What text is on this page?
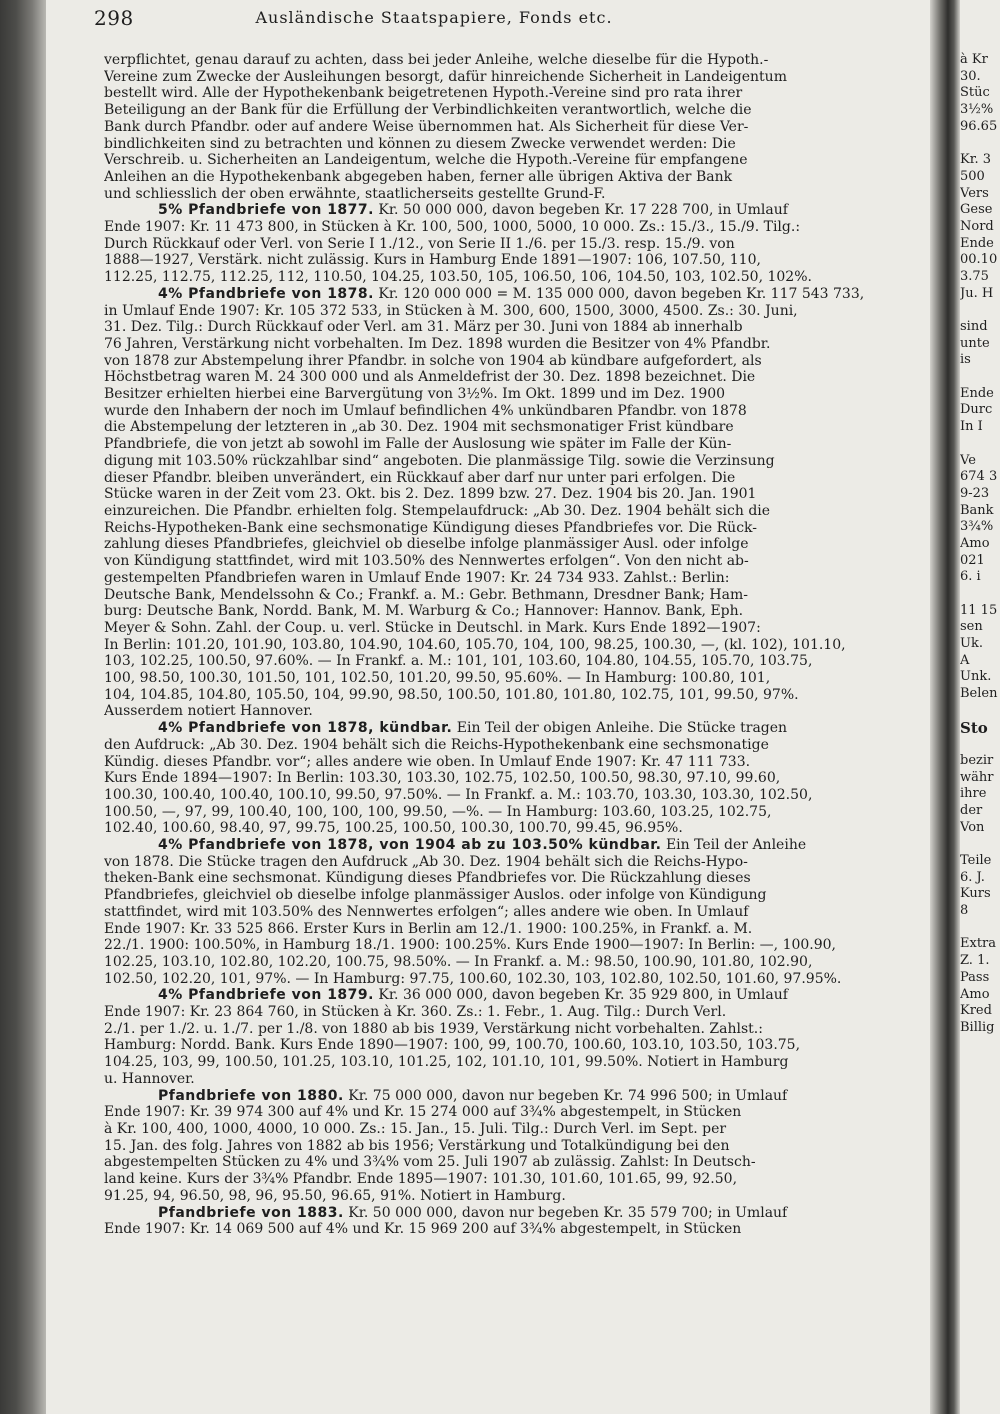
298	Ausländische Staatspapiere, Fonds etc.
verpflichtet, genau darauf zu achten, dass bei jeder Anleihe, welche dieselbe für die Hypoth.-
Vereine zum Zwecke der Ausleihungen besorgt, dafür hinreichende Sicherheit in Landeigentum
bestellt wird. Alle der Hypothekenbank beigetretenen Hypoth.-Vereine sind pro rata ihrer
Beteiligung an der Bank für die Erfüllung der Verbindlichkeiten verantwortlich, welche die
Bank durch Pfandbr. oder auf andere Weise übernommen hat. Als Sicherheit für diese Ver-
bindlichkeiten sind zu betrachten und können zu diesem Zwecke verwendet werden: Die
Verschreib. u. Sicherheiten an Landeigentum, welche die Hypoth.-Vereine für empfangene
Anleihen an die Hypothekenbank abgegeben haben, ferner alle übrigen Aktiva der Bank
und schliesslich der oben erwähnte, staatlicherseits gestellte Grund-F.
5% Pfandbriefe von 1877. Kr. 50 000 000, davon begeben Kr. 17 228 700, in Umlauf
Ende 1907: Kr. 11 473 800, in Stücken à Kr. 100, 500, 1000, 5000, 10 000. Zs.: 15./3., 15./9. Tilg.:
Durch Rückkauf oder Verl. von Serie I 1./12., von Serie II 1./6. per 15./3. resp. 15./9. von
1888—1927, Verstärk. nicht zulässig. Kurs in Hamburg Ende 1891—1907: 106, 107.50, 110,
112.25, 112.75, 112.25, 112, 110.50, 104.25, 103.50, 105, 106.50, 106, 104.50, 103, 102.50, 102%.
4% Pfandbriefe von 1878. Kr. 120 000 000 = M. 135 000 000, davon begeben Kr. 117 543 733,
in Umlauf Ende 1907: Kr. 105 372 533, in Stücken à M. 300, 600, 1500, 3000, 4500. Zs.: 30. Juni,
31. Dez. Tilg.: Durch Rückkauf oder Verl. am 31. März per 30. Juni von 1884 ab innerhalb
76 Jahren, Verstärkung nicht vorbehalten. Im Dez. 1898 wurden die Besitzer von 4% Pfandbr.
von 1878 zur Abstempelung ihrer Pfandbr. in solche von 1904 ab kündbare aufgefordert, als
Höchstbetrag waren M. 24 300 000 und als Anmeldefrist der 30. Dez. 1898 bezeichnet. Die
Besitzer erhielten hierbei eine Barvergütung von 3½%. Im Okt. 1899 und im Dez. 1900
wurde den Inhabern der noch im Umlauf befindlichen 4% unkündbaren Pfandbr. von 1878
die Abstempelung der letzteren in „ab 30. Dez. 1904 mit sechsmonatiger Frist kündbare
Pfandbriefe, die von jetzt ab sowohl im Falle der Auslosung wie später im Falle der Kün-
digung mit 103.50% rückzahlbar sind“ angeboten. Die planmässige Tilg. sowie die Verzinsung
dieser Pfandbr. bleiben unverändert, ein Rückkauf aber darf nur unter pari erfolgen. Die
Stücke waren in der Zeit vom 23. Okt. bis 2. Dez. 1899 bzw. 27. Dez. 1904 bis 20. Jan. 1901
einzureichen. Die Pfandbr. erhielten folg. Stempelaufdruck: „Ab 30. Dez. 1904 behält sich die
Reichs-Hypotheken-Bank eine sechsmonatige Kündigung dieses Pfandbriefes vor. Die Rück-
zahlung dieses Pfandbriefes, gleichviel ob dieselbe infolge planmässiger Ausl. oder infolge
von Kündigung stattfindet, wird mit 103.50% des Nennwertes erfolgen“. Von den nicht ab-
gestempelten Pfandbriefen waren in Umlauf Ende 1907: Kr. 24 734 933. Zahlst.: Berlin:
Deutsche Bank, Mendelssohn & Co.; Frankf. a. M.: Gebr. Bethmann, Dresdner Bank; Ham-
burg: Deutsche Bank, Nordd. Bank, M. M. Warburg & Co.; Hannover: Hannov. Bank, Eph.
Meyer & Sohn. Zahl. der Coup. u. verl. Stücke in Deutschl. in Mark. Kurs Ende 1892—1907:
In Berlin: 101.20, 101.90, 103.80, 104.90, 104.60, 105.70, 104, 100, 98.25, 100.30, —, (kl. 102), 101.10,
103, 102.25, 100.50, 97.60%. — In Frankf. a. M.: 101, 101, 103.60, 104.80, 104.55, 105.70, 103.75,
100, 98.50, 100.30, 101.50, 101, 102.50, 101.20, 99.50, 95.60%. — In Hamburg: 100.80, 101,
104, 104.85, 104.80, 105.50, 104, 99.90, 98.50, 100.50, 101.80, 101.80, 102.75, 101, 99.50, 97%.
Ausserdem notiert Hannover.
4% Pfandbriefe von 1878, kündbar. Ein Teil der obigen Anleihe. Die Stücke tragen
den Aufdruck: „Ab 30. Dez. 1904 behält sich die Reichs-Hypothekenbank eine sechsmonatige
Kündig. dieses Pfandbr. vor“; alles andere wie oben. In Umlauf Ende 1907: Kr. 47 111 733.
Kurs Ende 1894—1907: In Berlin: 103.30, 103.30, 102.75, 102.50, 100.50, 98.30, 97.10, 99.60,
100.30, 100.40, 100.40, 100.10, 99.50, 97.50%. — In Frankf. a. M.: 103.70, 103.30, 103.30, 102.50,
100.50, —, 97, 99, 100.40, 100, 100, 100, 99.50, —%. — In Hamburg: 103.60, 103.25, 102.75,
102.40, 100.60, 98.40, 97, 99.75, 100.25, 100.50, 100.30, 100.70, 99.45, 96.95%.
4% Pfandbriefe von 1878, von 1904 ab zu 103.50% kündbar. Ein Teil der Anleihe
von 1878. Die Stücke tragen den Aufdruck „Ab 30. Dez. 1904 behält sich die Reichs-Hypo-
theken-Bank eine sechsmonat. Kündigung dieses Pfandbriefes vor. Die Rückzahlung dieses
Pfandbriefes, gleichviel ob dieselbe infolge planmässiger Auslos. oder infolge von Kündigung
stattfindet, wird mit 103.50% des Nennwertes erfolgen“; alles andere wie oben. In Umlauf
Ende 1907: Kr. 33 525 866. Erster Kurs in Berlin am 12./1. 1900: 100.25%, in Frankf. a. M.
22./1. 1900: 100.50%, in Hamburg 18./1. 1900: 100.25%. Kurs Ende 1900—1907: In Berlin: —, 100.90,
102.25, 103.10, 102.80, 102.20, 100.75, 98.50%. — In Frankf. a. M.: 98.50, 100.90, 101.80, 102.90,
102.50, 102.20, 101, 97%. — In Hamburg: 97.75, 100.60, 102.30, 103, 102.80, 102.50, 101.60, 97.95%.
4% Pfandbriefe von 1879. Kr. 36 000 000, davon begeben Kr. 35 929 800, in Umlauf
Ende 1907: Kr. 23 864 760, in Stücken à Kr. 360. Zs.: 1. Febr., 1. Aug. Tilg.: Durch Verl.
2./1. per 1./2. u. 1./7. per 1./8. von 1880 ab bis 1939, Verstärkung nicht vorbehalten. Zahlst.:
Hamburg: Nordd. Bank. Kurs Ende 1890—1907: 100, 99, 100.70, 100.60, 103.10, 103.50, 103.75,
104.25, 103, 99, 100.50, 101.25, 103.10, 101.25, 102, 101.10, 101, 99.50%. Notiert in Hamburg
u. Hannover.
Pfandbriefe von 1880. Kr. 75 000 000, davon nur begeben Kr. 74 996 500; in Umlauf
Ende 1907: Kr. 39 974 300 auf 4% und Kr. 15 274 000 auf 3¾% abgestempelt, in Stücken
à Kr. 100, 400, 1000, 4000, 10 000. Zs.: 15. Jan., 15. Juli. Tilg.: Durch Verl. im Sept. per
15. Jan. des folg. Jahres von 1882 ab bis 1956; Verstärkung und Totalkündigung bei den
abgestempelten Stücken zu 4% und 3¾% vom 25. Juli 1907 ab zulässig. Zahlst: In Deutsch-
land keine. Kurs der 3¾% Pfandbr. Ende 1895—1907: 101.30, 101.60, 101.65, 99, 92.50,
91.25, 94, 96.50, 98, 96, 95.50, 96.65, 91%. Notiert in Hamburg.
Pfandbriefe von 1883. Kr. 50 000 000, davon nur begeben Kr. 35 579 700; in Umlauf
Ende 1907: Kr. 14 069 500 auf 4% und Kr. 15 969 200 auf 3¾% abgestempelt, in Stücken
à Kr
30.
Stüc
3½%
96.65
Kr. 3
500
Vers
Gese
Nord
Ende
00.10
3.75
Ju. H
sind
unte
is
Ende
Durc
In I
Ve
674 3
9-23
Bank
3¾%
Amo
021
6. i
11 15
sen
Uk.
A
Unk.
Belen
Sto
bezir
währ
ihre
der
Von
Teile
6. J.
Kurs
8
Extra
Z. 1.
Pass
Amo
Kred
Billig
